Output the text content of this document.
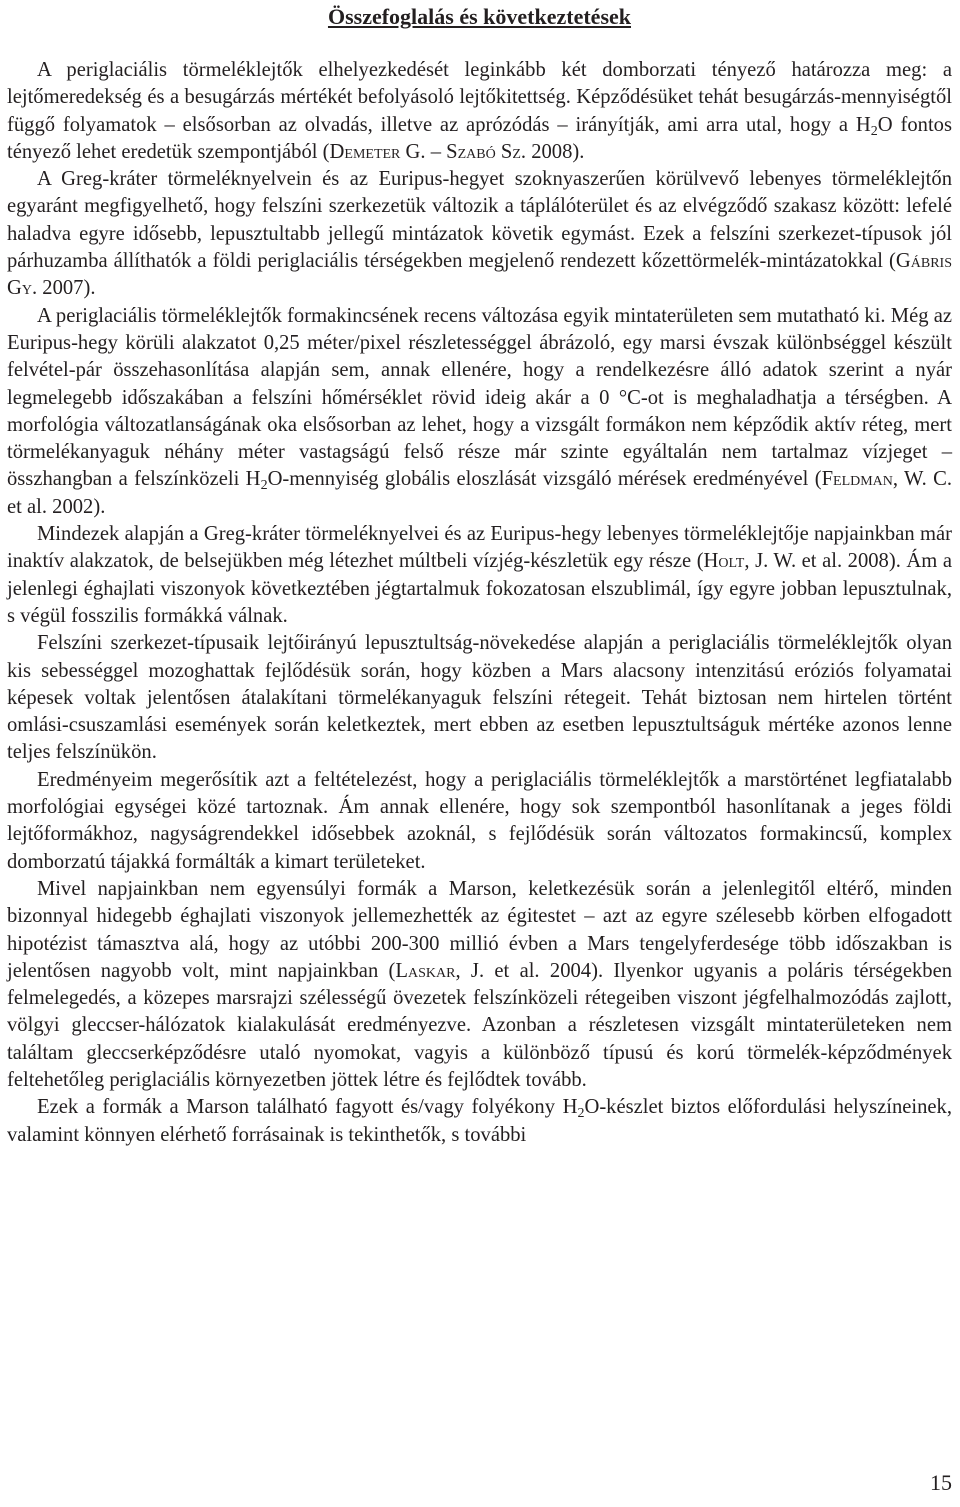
Összefoglalás és következtetések

A periglaciális törmeléklejtők elhelyezkedését leginkább két domborzati tényező határozza meg: a lejtőmeredekség és a besugárzás mértékét befolyásoló lejtőkitettség. Képződésüket tehát besugárzás-mennyiségtől függő folyamatok – elsősorban az olvadás, illetve az aprózódás – irányítják, ami arra utal, hogy a $H_2O$ fontos tényező lehet eredetük szempontjából (Demeter G. – Szabó Sz. 2008).

A Greg-kráter törmeléknyelvein és az Euripus-hegyet szoknyaszerűen körülvevő lebenyes törmeléklejtőn egyaránt megfigyelhető, hogy felszíni szerkezetük változik a táplálóterület és az elvégződő szakasz között: lefelé haladva egyre idősebb, lepusztultabb jellegű mintázatok követik egymást. Ezek a felszíni szerkezet-típusok jól párhuzamba állíthatók a földi periglaciális térségekben megjelenő rendezett kőzettörmelék-mintázatokkal (Gábris Gy. 2007).

A periglaciális törmeléklejtők formakincsének recens változása egyik mintaterületen sem mutatható ki. Még az Euripus-hegy körüli alakzatot 0,25 méter/pixel részletességgel ábrázoló, egy marsi évszak különbséggel készült felvétel-pár összehasonlítása alapján sem, annak ellenére, hogy a rendelkezésre álló adatok szerint a nyár legmelegebb időszakában a felszíni hőmérséklet rövid ideig akár a 0 °C-ot is meghaladhatja a térségben. A morfológia változatlanságának oka elsősorban az lehet, hogy a vizsgált formákon nem képződik aktív réteg, mert törmelékanyaguk néhány méter vastagságú felső része már szinte egyáltalán nem tartalmaz vízjeget – összhangban a felszínközeli $H_2O$-mennyiség globális eloszlását vizsgáló mérések eredményével (Feldman, W. C. et al. 2002).

Mindezek alapján a Greg-kráter törmeléknyelvei és az Euripus-hegy lebenyes törmeléklejtője napjainkban már inaktív alakzatok, de belsejükben még létezhet múltbeli vízjég-készletük egy része (Holt, J. W. et al. 2008). Ám a jelenlegi éghajlati viszonyok következtében jégtartalmuk fokozatosan elszublimál, így egyre jobban lepusztulnak, s végül fosszilis formákká válnak.

Felszíni szerkezet-típusaik lejtőirányú lepusztultság-növekedése alapján a periglaciális törmeléklejtők olyan kis sebességgel mozoghattak fejlődésük során, hogy közben a Mars alacsony intenzitású eróziós folyamatai képesek voltak jelentősen átalakítani törmelékanyaguk felszíni rétegeit. Tehát biztosan nem hirtelen történt omlási-csuszamlási események során keletkeztek, mert ebben az esetben lepusztultságuk mértéke azonos lenne teljes felszínükön.

Eredményeim megerősítik azt a feltételezést, hogy a periglaciális törmeléklejtők a marstörténet legfiatalabb morfológiai egységei közé tartoznak. Ám annak ellenére, hogy sok szempontból hasonlítanak a jeges földi lejtőformákhoz, nagyságrendekkel idősebbek azoknál, s fejlődésük során változatos formakincsű, komplex domborzatú tájakká formálták a kimart területeket.

Mivel napjainkban nem egyensúlyi formák a Marson, keletkezésük során a jelenlegitől eltérő, minden bizonnyal hidegebb éghajlati viszonyok jellemezhették az égitestet – azt az egyre szélesebb körben elfogadott hipotézist támasztva alá, hogy az utóbbi 200-300 millió évben a Mars tengelyferdesége több időszakban is jelentősen nagyobb volt, mint napjainkban (Laskar, J. et al. 2004). Ilyenkor ugyanis a poláris térségekben felmelegedés, a közepes marsrajzi szélességű övezetek felszínközeli rétegeiben viszont jégfelhalmozódás zajlott, völgyi gleccser-hálózatok kialakulását eredményezve. Azonban a részletesen vizsgált mintaterületeken nem találtam gleccserképződésre utaló nyomokat, vagyis a különböző típusú és korú törmelék-képződmények feltehetőleg periglaciális környezetben jöttek létre és fejlődtek tovább.

Ezek a formák a Marson található fagyott és/vagy folyékony $H_2O$-készlet biztos előfordulási helyszíneinek, valamint könnyen elérhető forrásainak is tekinthetők, s további

15
